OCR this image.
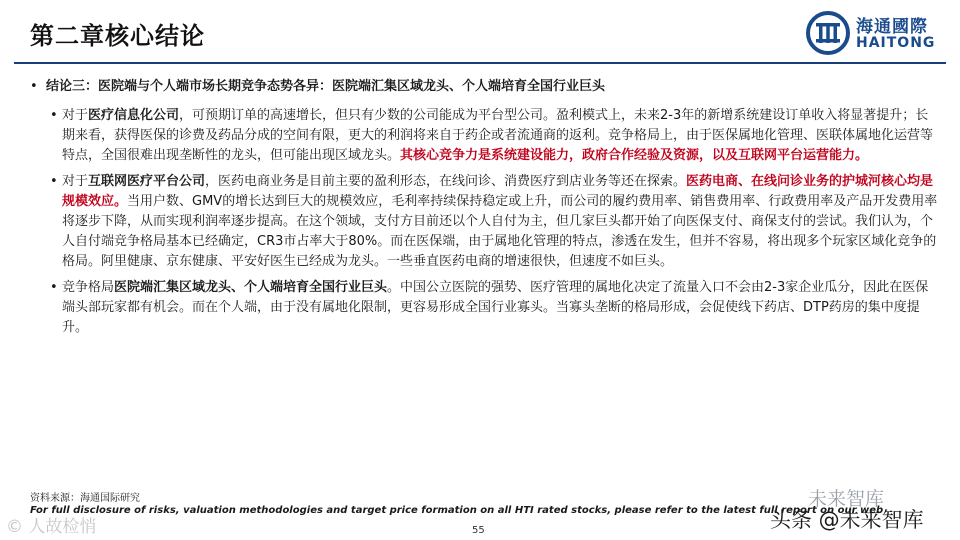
第二章核心结论	海通國際
HAITONG
• 结论三：医院端与个人端市场长期竞争态势各异：医院端汇集区域龙头、个人端培育全国行业巨头
• 对于医疗信息化公司，可预期订单的高速增长，但只有少数的公司能成为平台型公司。盈利模式上，未来2-3年的新增系统建设订单收入将显著提升；长期来看，获得医保的诊费及药品分成的空间有限，更大的利润将来自于药企或者流通商的返利。竞争格局上，由于医保属地化管理、医联体属地化运营等特点，全国很难出现垄断性的龙头，但可能出现区域龙头。其核心竞争力是系统建设能力，政府合作经验及资源，以及互联网平台运营能力。
• 对于互联网医疗平台公司，医药电商业务是目前主要的盈利形态，在线问诊、消费医疗到店业务等还在探索。医药电商、在线问诊业务的护城河核心均是规模效应。当用户数、GMV的增长达到巨大的规模效应，毛利率持续保持稳定或上升，而公司的履约费用率、销售费用率、行政费用率及产品开发费用率将逐步下降，从而实现利润率逐步提高。在这个领域，支付方目前还以个人自付为主，但几家巨头都开始了向医保支付、商保支付的尝试。我们认为，个人自付端竞争格局基本已经确定，CR3市占率大于80%。而在医保端，由于属地化管理的特点，渗透在发生，但并不容易，将出现多个玩家区域化竞争的格局。阿里健康、京东健康、平安好医生已经成为龙头。一些垂直医药电商的增速很快，但速度不如巨头。
• 竞争格局医院端汇集区域龙头、个人端培育全国行业巨头。中国公立医院的强势、医疗管理的属地化决定了流量入口不会由2-3家企业瓜分，因此在医保端头部玩家都有机会。而在个人端，由于没有属地化限制，更容易形成全国行业寡头。当寡头垄断的格局形成，会促使线下药店、DTP药房的集中度提升。
资料来源：海通国际研究
For full disclosure of risks, valuation methodologies and target price formation on all HTI rated stocks, please refer to the latest full report on our web
55
© 人故检悄
未来智库
头条 @未来智库
